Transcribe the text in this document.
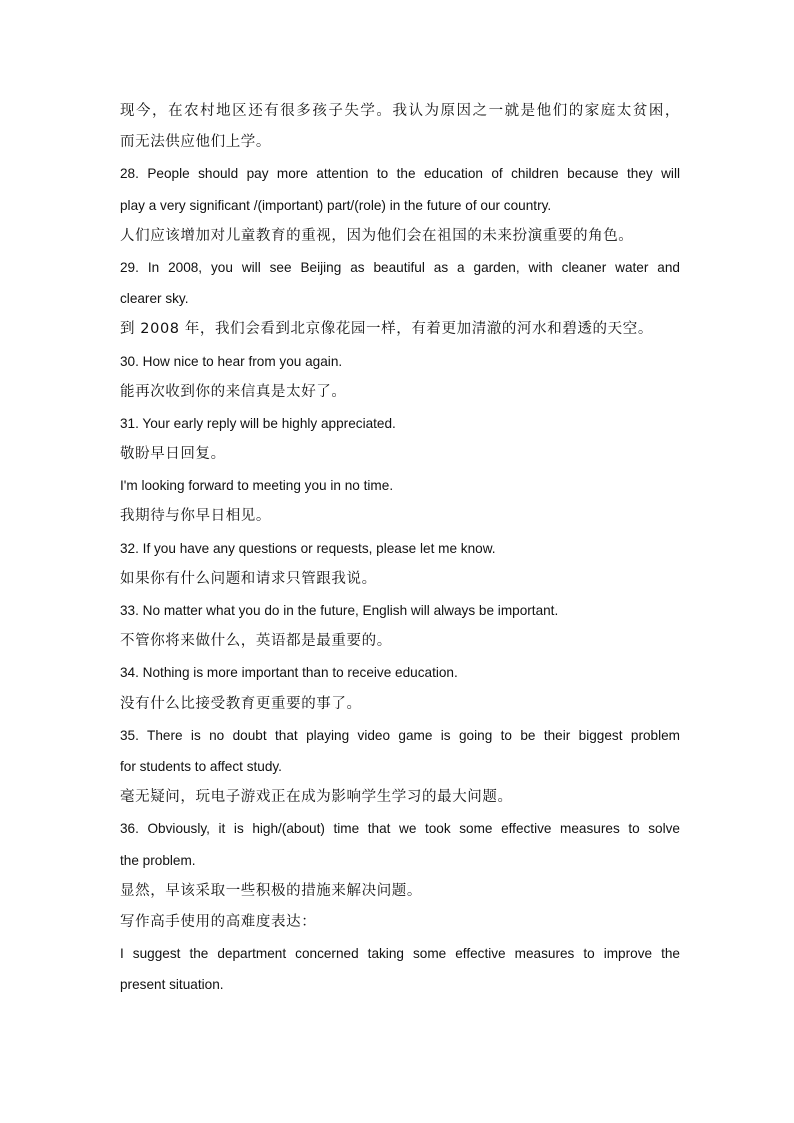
现今，在农村地区还有很多孩子失学。我认为原因之一就是他们的家庭太贫困，
而无法供应他们上学。
28. People should pay more attention to the education of children because they will
play a very significant /(important) part/(role) in the future of our country.
人们应该增加对儿童教育的重视，因为他们会在祖国的未来扮演重要的角色。
29. In 2008, you will see Beijing as beautiful as a garden, with cleaner water and
clearer sky.
到 2008 年，我们会看到北京像花园一样，有着更加清澈的河水和碧透的天空。
30. How nice to hear from you again.
能再次收到你的来信真是太好了。
31. Your early reply will be highly appreciated.
敬盼早日回复。
I'm looking forward to meeting you in no time.
我期待与你早日相见。
32. If you have any questions or requests, please let me know.
如果你有什么问题和请求只管跟我说。
33. No matter what you do in the future, English will always be important.
不管你将来做什么，英语都是最重要的。
34. Nothing is more important than to receive education.
没有什么比接受教育更重要的事了。
35. There is no doubt that playing video game is going to be their biggest problem
for students to affect study.
毫无疑问，玩电子游戏正在成为影响学生学习的最大问题。
36. Obviously, it is high/(about) time that we took some effective measures to solve
the problem.
显然，早该采取一些积极的措施来解决问题。
写作高手使用的高难度表达：
I suggest the department concerned taking some effective measures to improve the
present situation.
